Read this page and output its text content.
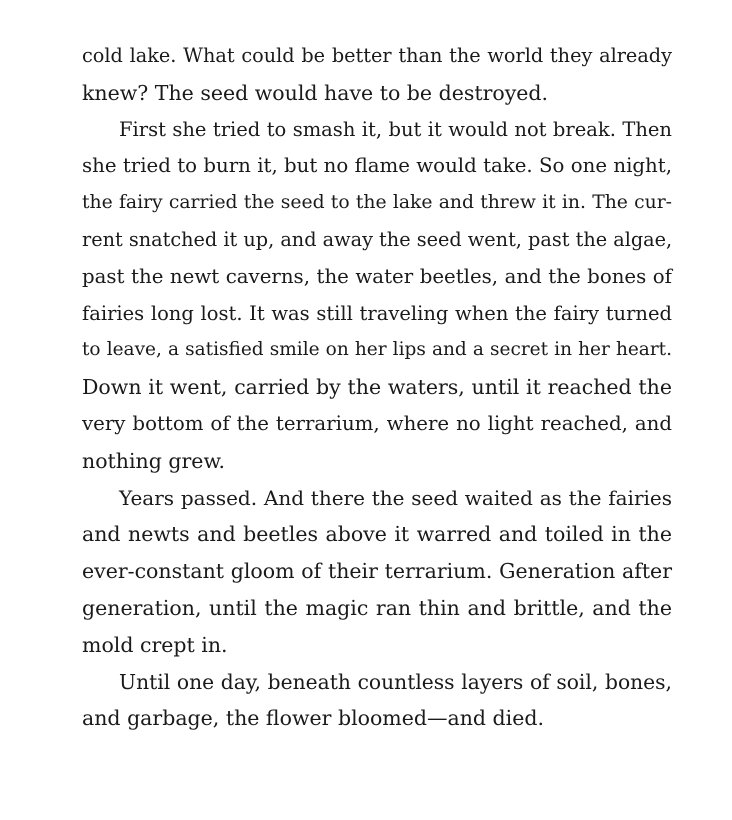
cold lake. What could be better than the world they already
knew? The seed would have to be destroyed.
First she tried to smash it, but it would not break. Then
she tried to burn it, but no flame would take. So one night,
the fairy carried the seed to the lake and threw it in. The cur-
rent snatched it up, and away the seed went, past the algae,
past the newt caverns, the water beetles, and the bones of
fairies long lost. It was still traveling when the fairy turned
to leave, a satisfied smile on her lips and a secret in her heart.
Down it went, carried by the waters, until it reached the
very bottom of the terrarium, where no light reached, and
nothing grew.
Years passed. And there the seed waited as the fairies
and newts and beetles above it warred and toiled in the
ever-constant gloom of their terrarium. Generation after
generation, until the magic ran thin and brittle, and the
mold crept in.
Until one day, beneath countless layers of soil, bones,
and garbage, the flower bloomed—and died.
